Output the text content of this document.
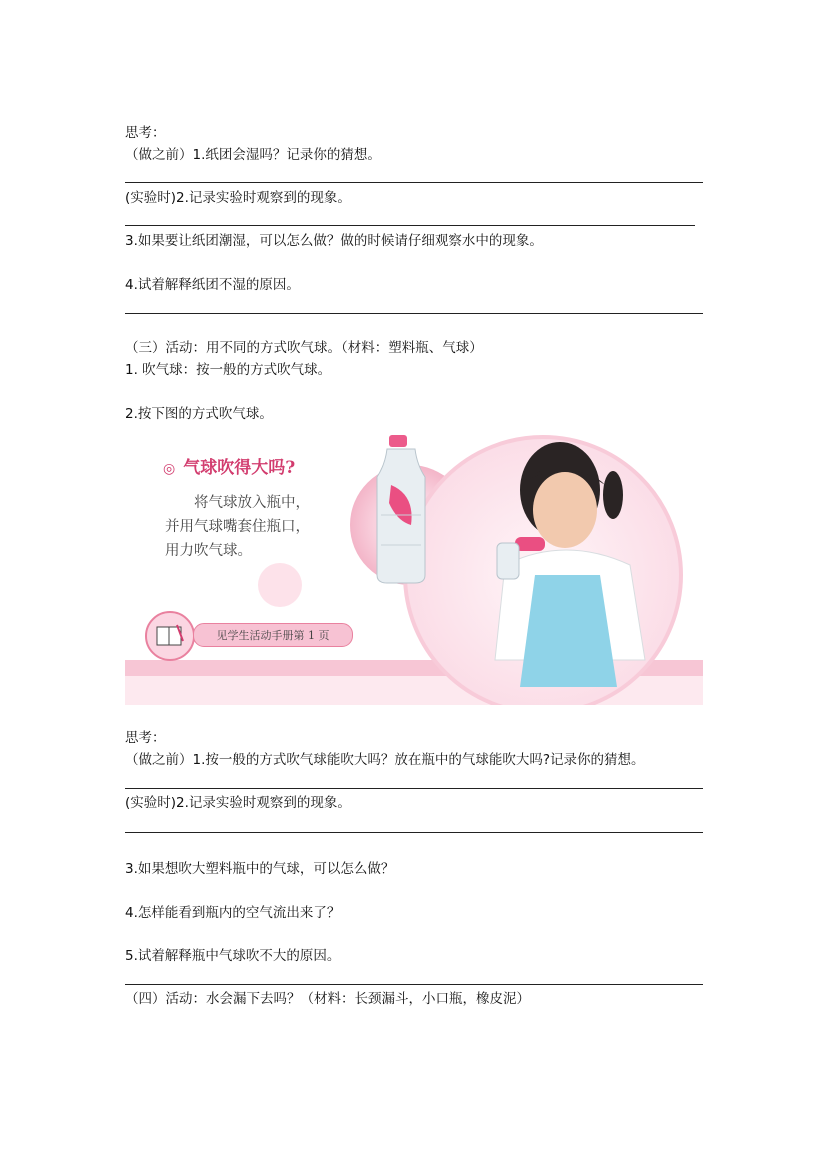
思考：
（做之前）1.纸团会湿吗？记录你的猜想。
(实验时)2.记录实验时观察到的现象。
3.如果要让纸团潮湿，可以怎么做？做的时候请仔细观察水中的现象。
4.试着解释纸团不湿的原因。
（三）活动：用不同的方式吹气球。（材料：塑料瓶、气球）
1. 吹气球：按一般的方式吹气球。
2.按下图的方式吹气球。
◎ 气球吹得大吗?
　　将气球放入瓶中，
并用气球嘴套住瓶口，
用力吹气球。
见学生活动手册第 1 页
思考：
（做之前）1.按一般的方式吹气球能吹大吗？放在瓶中的气球能吹大吗?记录你的猜想。
(实验时)2.记录实验时观察到的现象。
3.如果想吹大塑料瓶中的气球，可以怎么做？
4.怎样能看到瓶内的空气流出来了？
5.试着解释瓶中气球吹不大的原因。
（四）活动：水会漏下去吗？（材料：长颈漏斗，小口瓶，橡皮泥）
